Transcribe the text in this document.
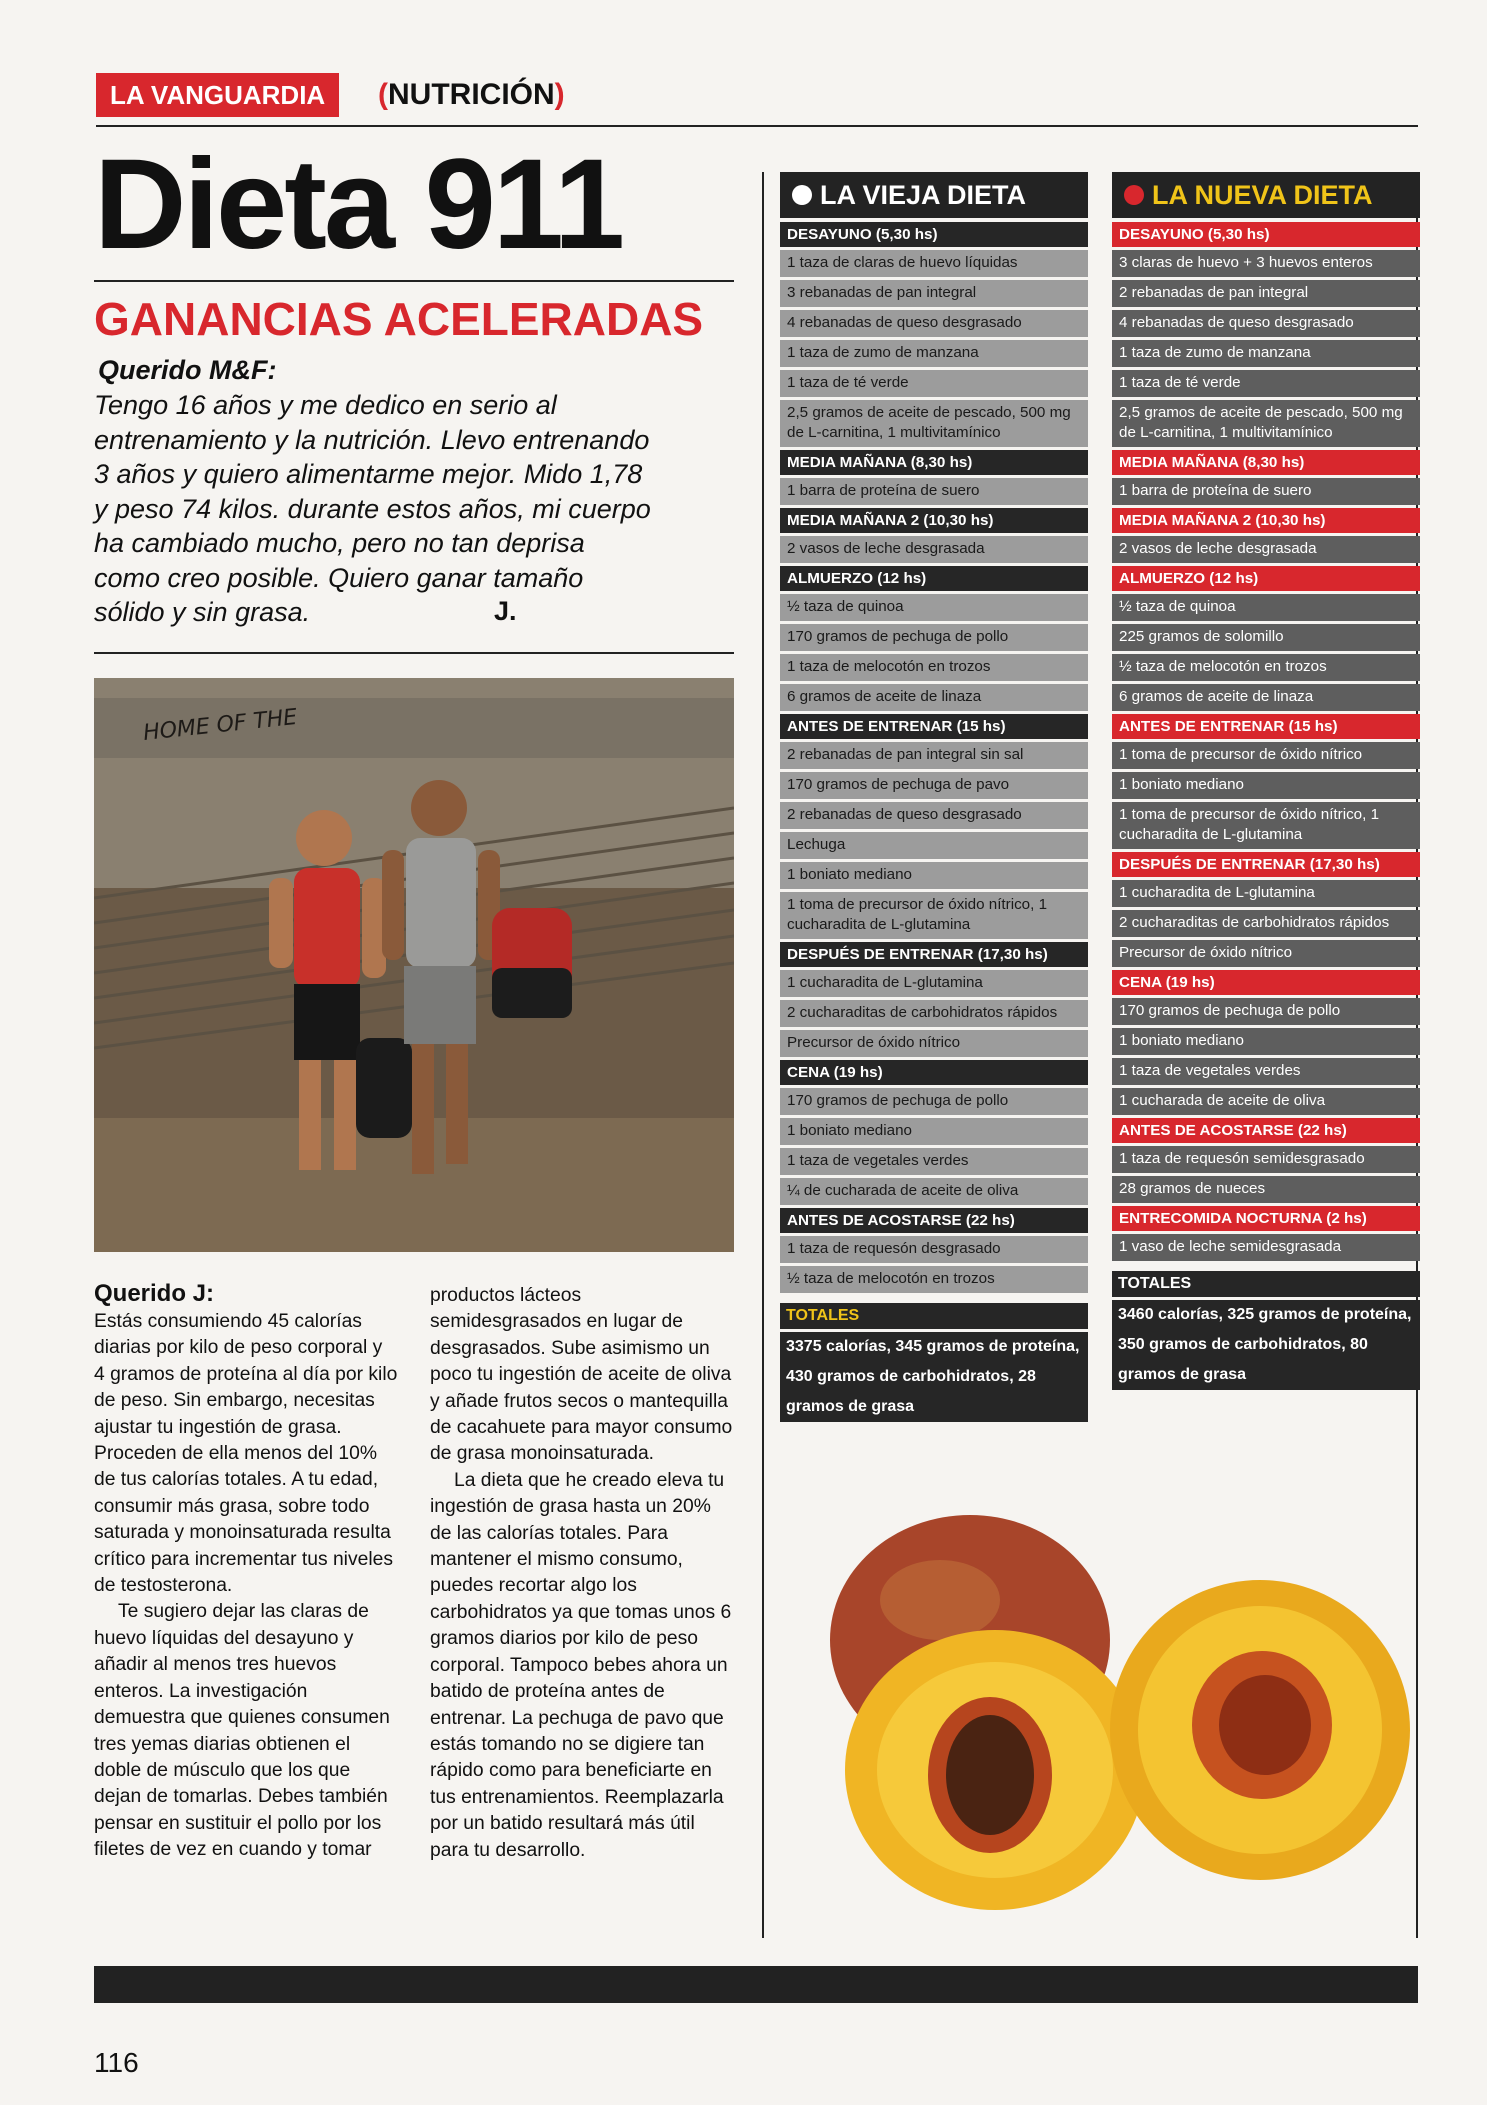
LA VANGUARDIA	(NUTRICIÓN)
Dieta 911
GANANCIAS ACELERADAS
Querido M&F:
Tengo 16 años y me dedico en serio al
entrenamiento y la nutrición. Llevo entrenando
3 años y quiero alimentarme mejor. Mido 1,78
y peso 74 kilos. durante estos años, mi cuerpo
ha cambiado mucho, pero no tan deprisa
como creo posible. Quiero ganar tamaño
sólido y sin grasa.	J.
HOME OF THE
Querido J:

Estás consumiendo 45 calorías diarias por kilo de peso corporal y 4 gramos de proteína al día por kilo de peso. Sin embargo, necesitas ajustar tu ingestión de grasa. Proceden de ella menos del 10% de tus calorías totales. A tu edad, consumir más grasa, sobre todo saturada y monoinsaturada resulta crítico para incrementar tus niveles de testosterona.

Te sugiero dejar las claras de huevo líquidas del desayuno y añadir al menos tres huevos enteros. La investigación demuestra que quienes consumen tres yemas diarias obtienen el doble de músculo que los que dejan de tomarlas. Debes también pensar en sustituir el pollo por los filetes de vez en cuando y tomar

productos lácteos semidesgrasados en lugar de desgrasados. Sube asimismo un poco tu ingestión de aceite de oliva y añade frutos secos o mantequilla de cacahuete para mayor consumo de grasa monoinsaturada.

La dieta que he creado eleva tu ingestión de grasa hasta un 20% de las calorías totales. Para mantener el mismo consumo, puedes recortar algo los carbohidratos ya que tomas unos 6 gramos diarios por kilo de peso corporal. Tampoco bebes ahora un batido de proteína antes de entrenar. La pechuga de pavo que estás tomando no se digiere tan rápido como para beneficiarte en tus entrenamientos. Reemplazarla por un batido resultará más útil para tu desarrollo.

LA VIEJA DIETA
DESAYUNO (5,30 hs)
1 taza de claras de huevo líquidas
3 rebanadas de pan integral
4 rebanadas de queso desgrasado
1 taza de zumo de manzana
1 taza de té verde
2,5 gramos de aceite de pescado, 500 mg de L-carnitina, 1 multivitamínico
MEDIA MAÑANA (8,30 hs)
1 barra de proteína de suero
MEDIA MAÑANA 2 (10,30 hs)
2 vasos de leche desgrasada
ALMUERZO (12 hs)
½ taza de quinoa
170 gramos de pechuga de pollo
1 taza de melocotón en trozos
6 gramos de aceite de linaza
ANTES DE ENTRENAR (15 hs)
2 rebanadas de pan integral sin sal
170 gramos de pechuga de pavo
2 rebanadas de queso desgrasado
Lechuga
1 boniato mediano
1 toma de precursor de óxido nítrico, 1 cucharadita de L-glutamina
DESPUÉS DE ENTRENAR (17,30 hs)
1 cucharadita de L-glutamina
2 cucharaditas de carbohidratos rápidos
Precursor de óxido nítrico
CENA (19 hs)
170 gramos de pechuga de pollo
1 boniato mediano
1 taza de vegetales verdes
¼ de cucharada de aceite de oliva
ANTES DE ACOSTARSE (22 hs)
1 taza de requesón desgrasado
½ taza de melocotón en trozos
TOTALES
3375 calorías, 345 gramos de proteína, 430 gramos de carbohidratos, 28 gramos de grasa
LA NUEVA DIETA
DESAYUNO (5,30 hs)
3 claras de huevo + 3 huevos enteros
2 rebanadas de pan integral
4 rebanadas de queso desgrasado
1 taza de zumo de manzana
1 taza de té verde
2,5 gramos de aceite de pescado, 500 mg de L-carnitina, 1 multivitamínico
MEDIA MAÑANA (8,30 hs)
1 barra de proteína de suero
MEDIA MAÑANA 2 (10,30 hs)
2 vasos de leche desgrasada
ALMUERZO (12 hs)
½ taza de quinoa
225 gramos de solomillo
½ taza de melocotón en trozos
6 gramos de aceite de linaza
ANTES DE ENTRENAR (15 hs)
1 toma de precursor de óxido nítrico
1 boniato mediano
1 toma de precursor de óxido nítrico, 1 cucharadita de L-glutamina
DESPUÉS DE ENTRENAR (17,30 hs)
1 cucharadita de L-glutamina
2 cucharaditas de carbohidratos rápidos
Precursor de óxido nítrico
CENA (19 hs)
170 gramos de pechuga de pollo
1 boniato mediano
1 taza de vegetales verdes
1 cucharada de aceite de oliva
ANTES DE ACOSTARSE (22 hs)
1 taza de requesón semidesgrasado
28 gramos de nueces
ENTRECOMIDA NOCTURNA (2 hs)
1 vaso de leche semidesgrasada
TOTALES
3460 calorías, 325 gramos de proteína, 350 gramos de carbohidratos, 80 gramos de grasa
116
